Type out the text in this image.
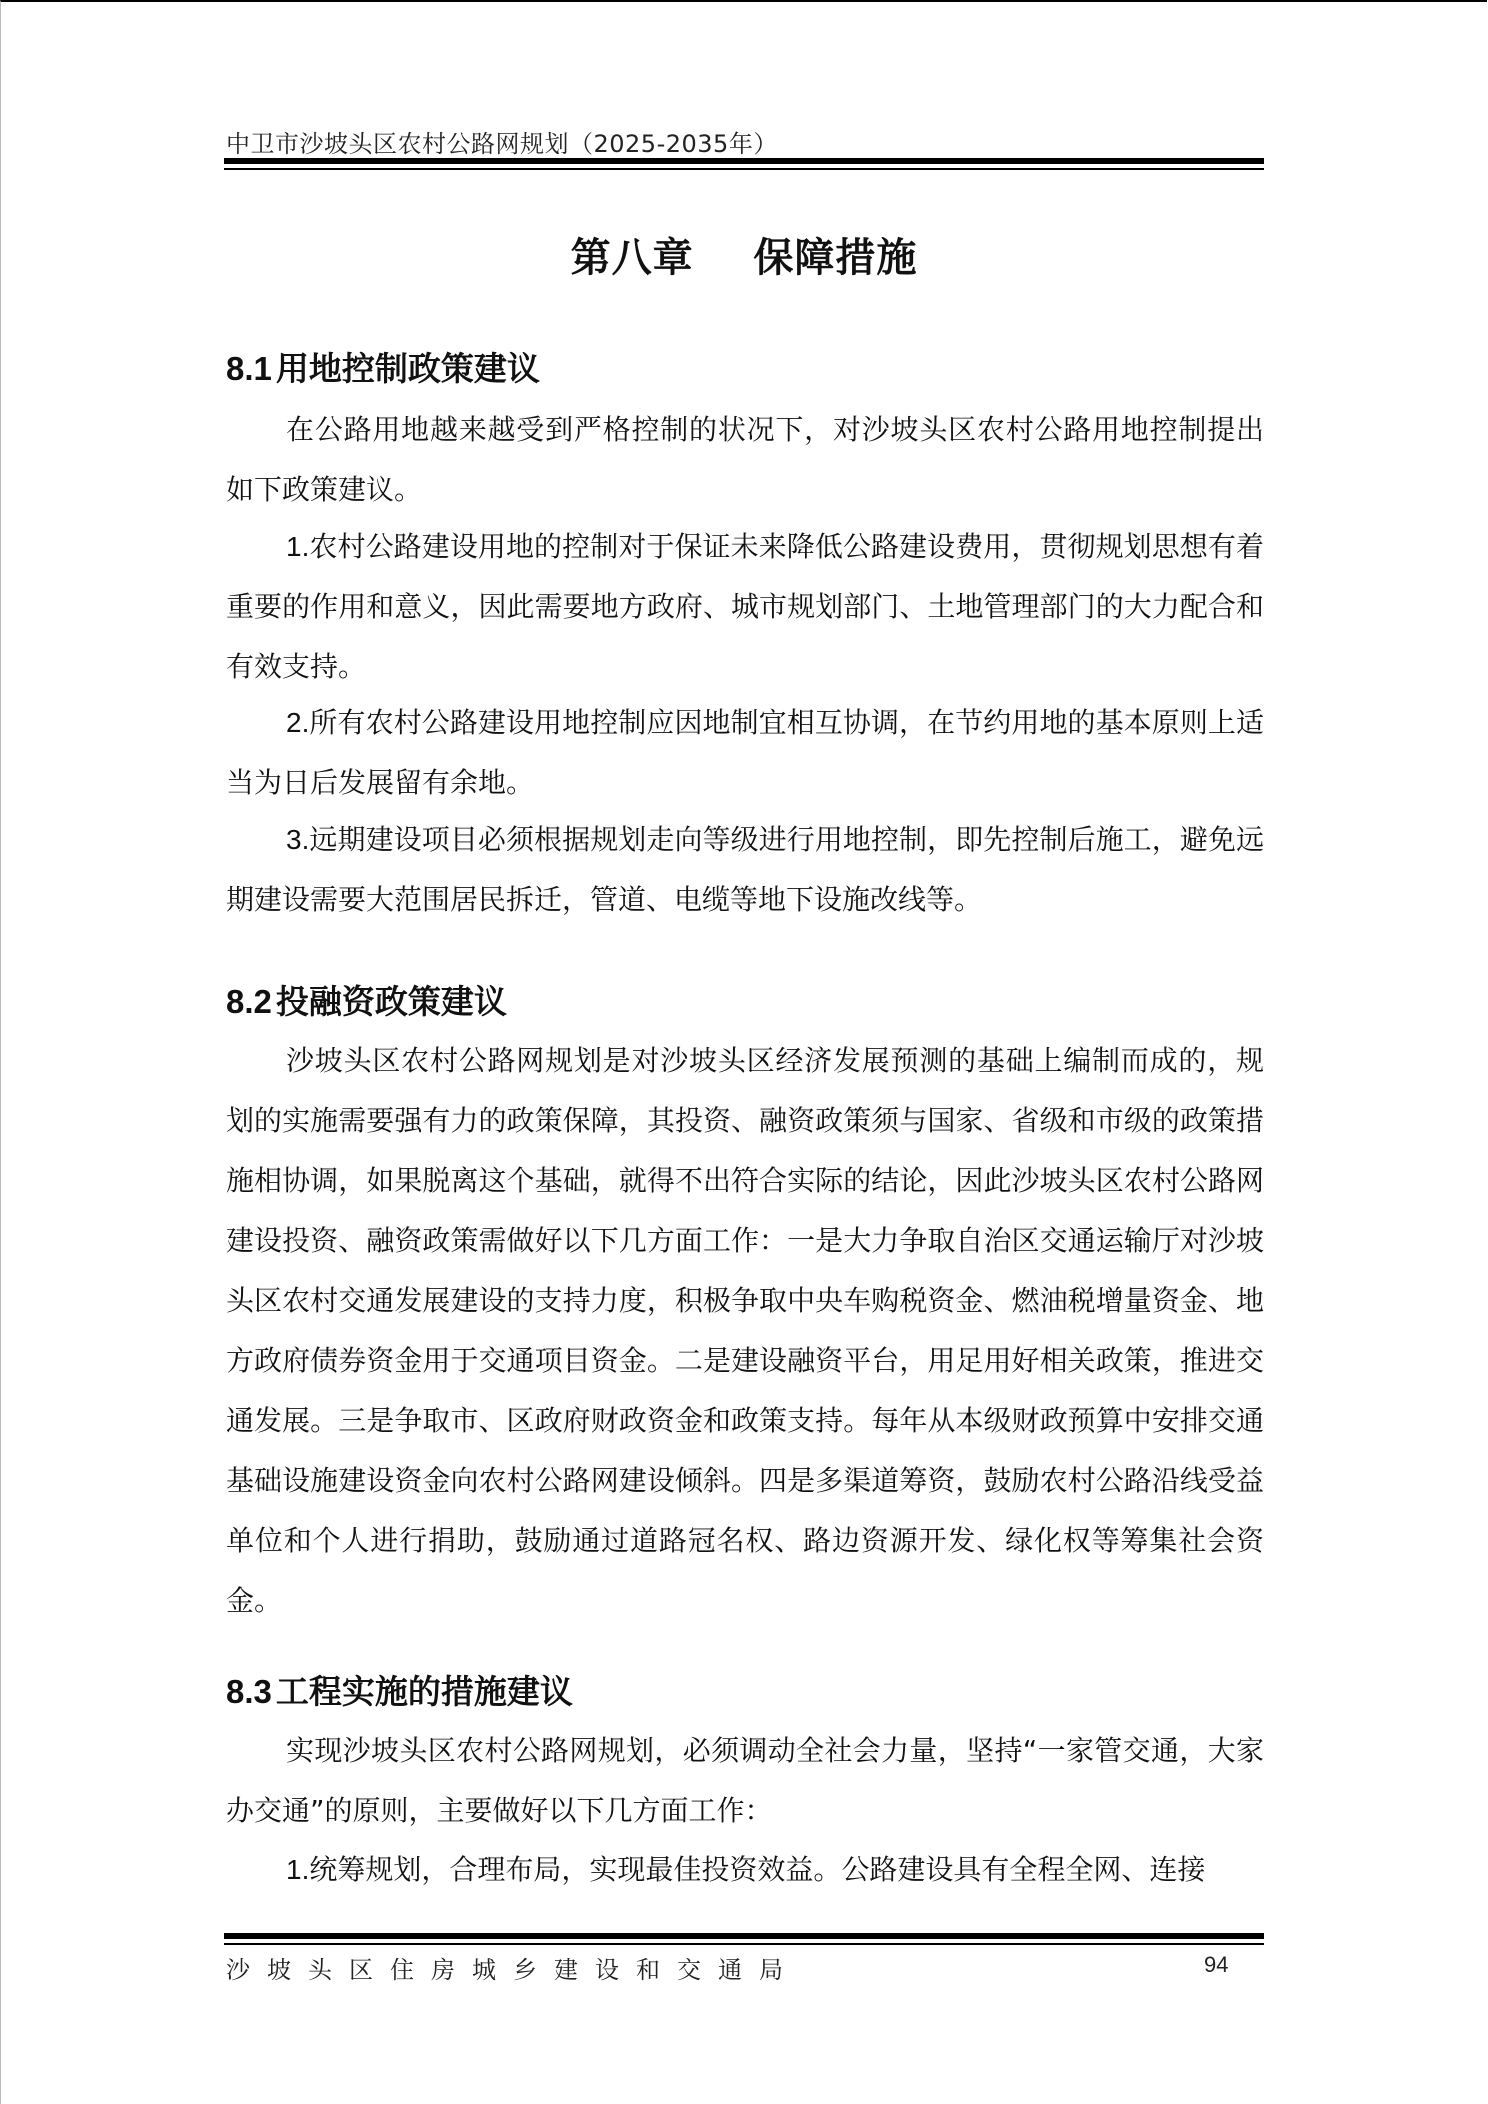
中卫市沙坡头区农村公路网规划（2025-2035年）
第八章    保障措施
8.1 用地控制政策建议
在公路用地越来越受到严格控制的状况下，对沙坡头区农村公路用地控制提出如下政策建议。
1.农村公路建设用地的控制对于保证未来降低公路建设费用，贯彻规划思想有着重要的作用和意义，因此需要地方政府、城市规划部门、土地管理部门的大力配合和有效支持。
2.所有农村公路建设用地控制应因地制宜相互协调，在节约用地的基本原则上适当为日后发展留有余地。
3.远期建设项目必须根据规划走向等级进行用地控制，即先控制后施工，避免远期建设需要大范围居民拆迁，管道、电缆等地下设施改线等。
8.2 投融资政策建议
沙坡头区农村公路网规划是对沙坡头区经济发展预测的基础上编制而成的，规划的实施需要强有力的政策保障，其投资、融资政策须与国家、省级和市级的政策措施相协调，如果脱离这个基础，就得不出符合实际的结论，因此沙坡头区农村公路网建设投资、融资政策需做好以下几方面工作：一是大力争取自治区交通运输厅对沙坡头区农村交通发展建设的支持力度，积极争取中央车购税资金、燃油税增量资金、地方政府债券资金用于交通项目资金。二是建设融资平台，用足用好相关政策，推进交通发展。三是争取市、区政府财政资金和政策支持。每年从本级财政预算中安排交通基础设施建设资金向农村公路网建设倾斜。四是多渠道筹资，鼓励农村公路沿线受益单位和个人进行捐助，鼓励通过道路冠名权、路边资源开发、绿化权等筹集社会资金。
8.3 工程实施的措施建议
实现沙坡头区农村公路网规划，必须调动全社会力量，坚持“一家管交通，大家办交通”的原则，主要做好以下几方面工作：
1.统筹规划，合理布局，实现最佳投资效益。公路建设具有全程全网、连接
沙坡头区住房城乡建设和交通局	94
